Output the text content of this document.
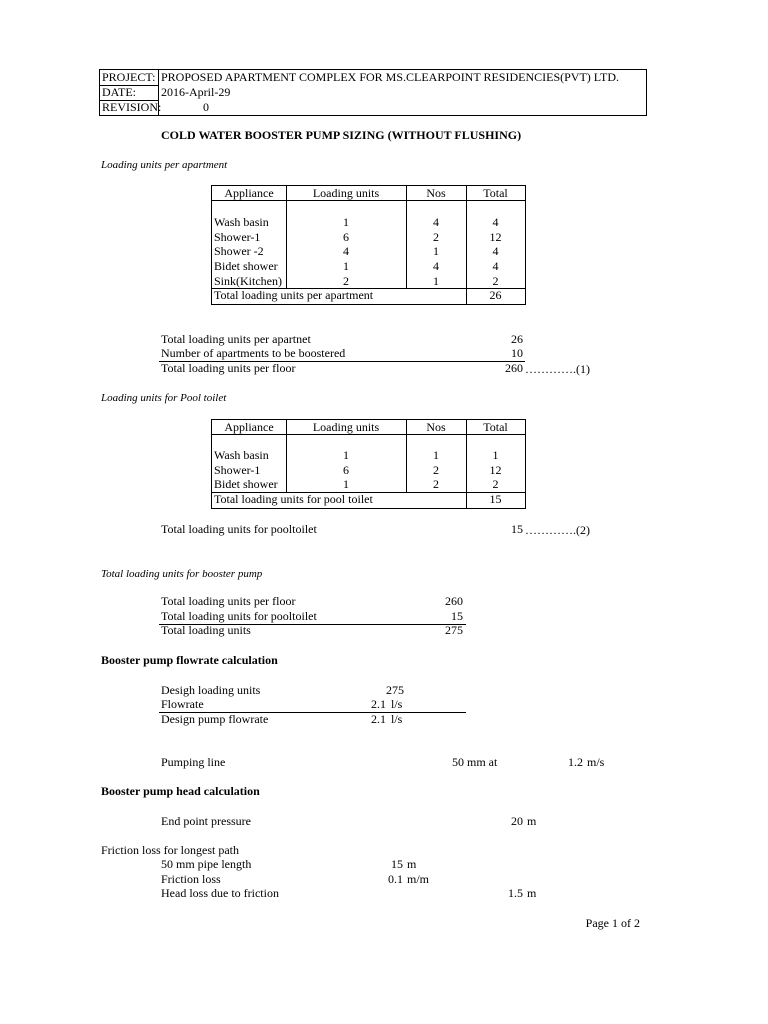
PROJECT: PROPOSED APARTMENT COMPLEX FOR MS.CLEARPOINT RESIDENCIES(PVT) LTD.
DATE: 2016-April-29
REVISION:	0
COLD WATER BOOSTER PUMP SIZING (WITHOUT FLUSHING)
Loading units per apartment
Appliance	Loading units	Nos	Total
Wash basin	1	4	4
Shower-1	6	2	12
Shower -2	4	1	4
Bidet shower	1	4	4
Sink(Kitchen)	2	1	2
Total loading units per apartment	26
Total loading units per apartnet	26
Number of apartments to be boostered	10
Total loading units per floor	260 ………….(1)
Loading units for Pool toilet
Appliance	Loading units	Nos	Total
Wash basin	1	1	1
Shower-1	6	2	12
Bidet shower	1	2	2
Total loading units for pool toilet	15
Total loading units for pooltoilet	15 ………….(2)
Total loading units for booster pump
Total loading units per floor	260
Total loading units for pooltoilet	15
Total loading units	275
Booster pump flowrate calculation
Desigh loading units	275
Flowrate	2.1 l/s
Design pump flowrate	2.1 l/s
Pumping line	50 mm at	1.2 m/s
Booster pump head calculation
End point pressure	20 m
Friction loss for longest path
50 mm pipe length	15 m
Friction loss	0.1 m/m
Head loss due to friction	1.5 m
Page 1 of 2
